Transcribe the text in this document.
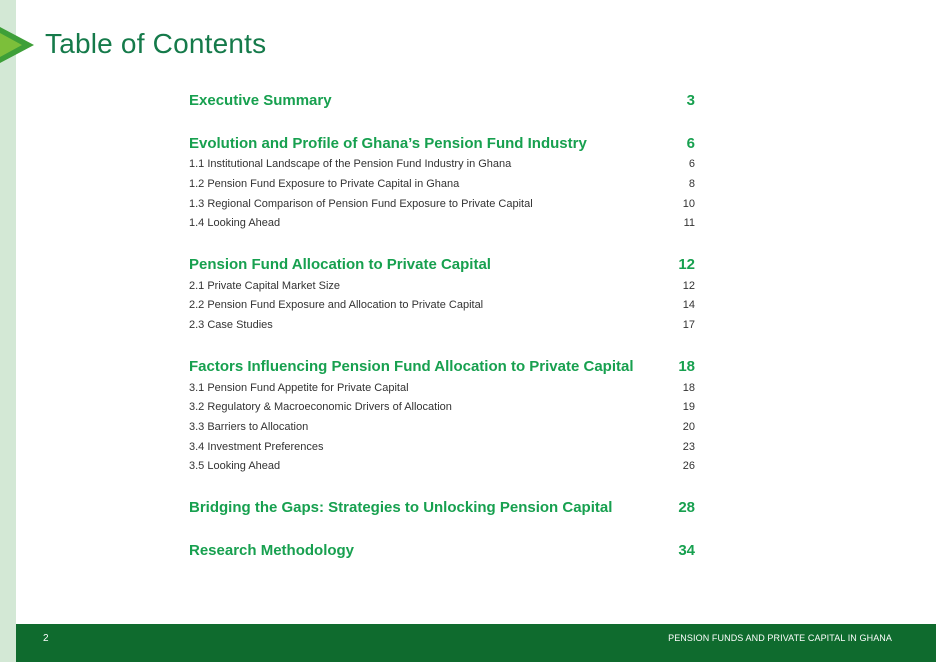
Table of Contents
Executive Summary	3
Evolution and Profile of Ghana’s Pension Fund Industry	6
1.1 Institutional Landscape of the Pension Fund Industry in Ghana	6
1.2 Pension Fund Exposure to Private Capital in Ghana	8
1.3 Regional Comparison of Pension Fund Exposure to Private Capital	10
1.4 Looking Ahead	11
Pension Fund Allocation to Private Capital	12
2.1 Private Capital Market Size	12
2.2 Pension Fund Exposure and Allocation to Private Capital	14
2.3 Case Studies	17
Factors Influencing Pension Fund Allocation to Private Capital	18
3.1 Pension Fund Appetite for Private Capital	18
3.2 Regulatory & Macroeconomic Drivers of Allocation	19
3.3 Barriers to Allocation	20
3.4 Investment Preferences	23
3.5 Looking Ahead	26
Bridging the Gaps: Strategies to Unlocking Pension Capital	28
Research Methodology	34
2	PENSION FUNDS AND PRIVATE CAPITAL IN GHANA
